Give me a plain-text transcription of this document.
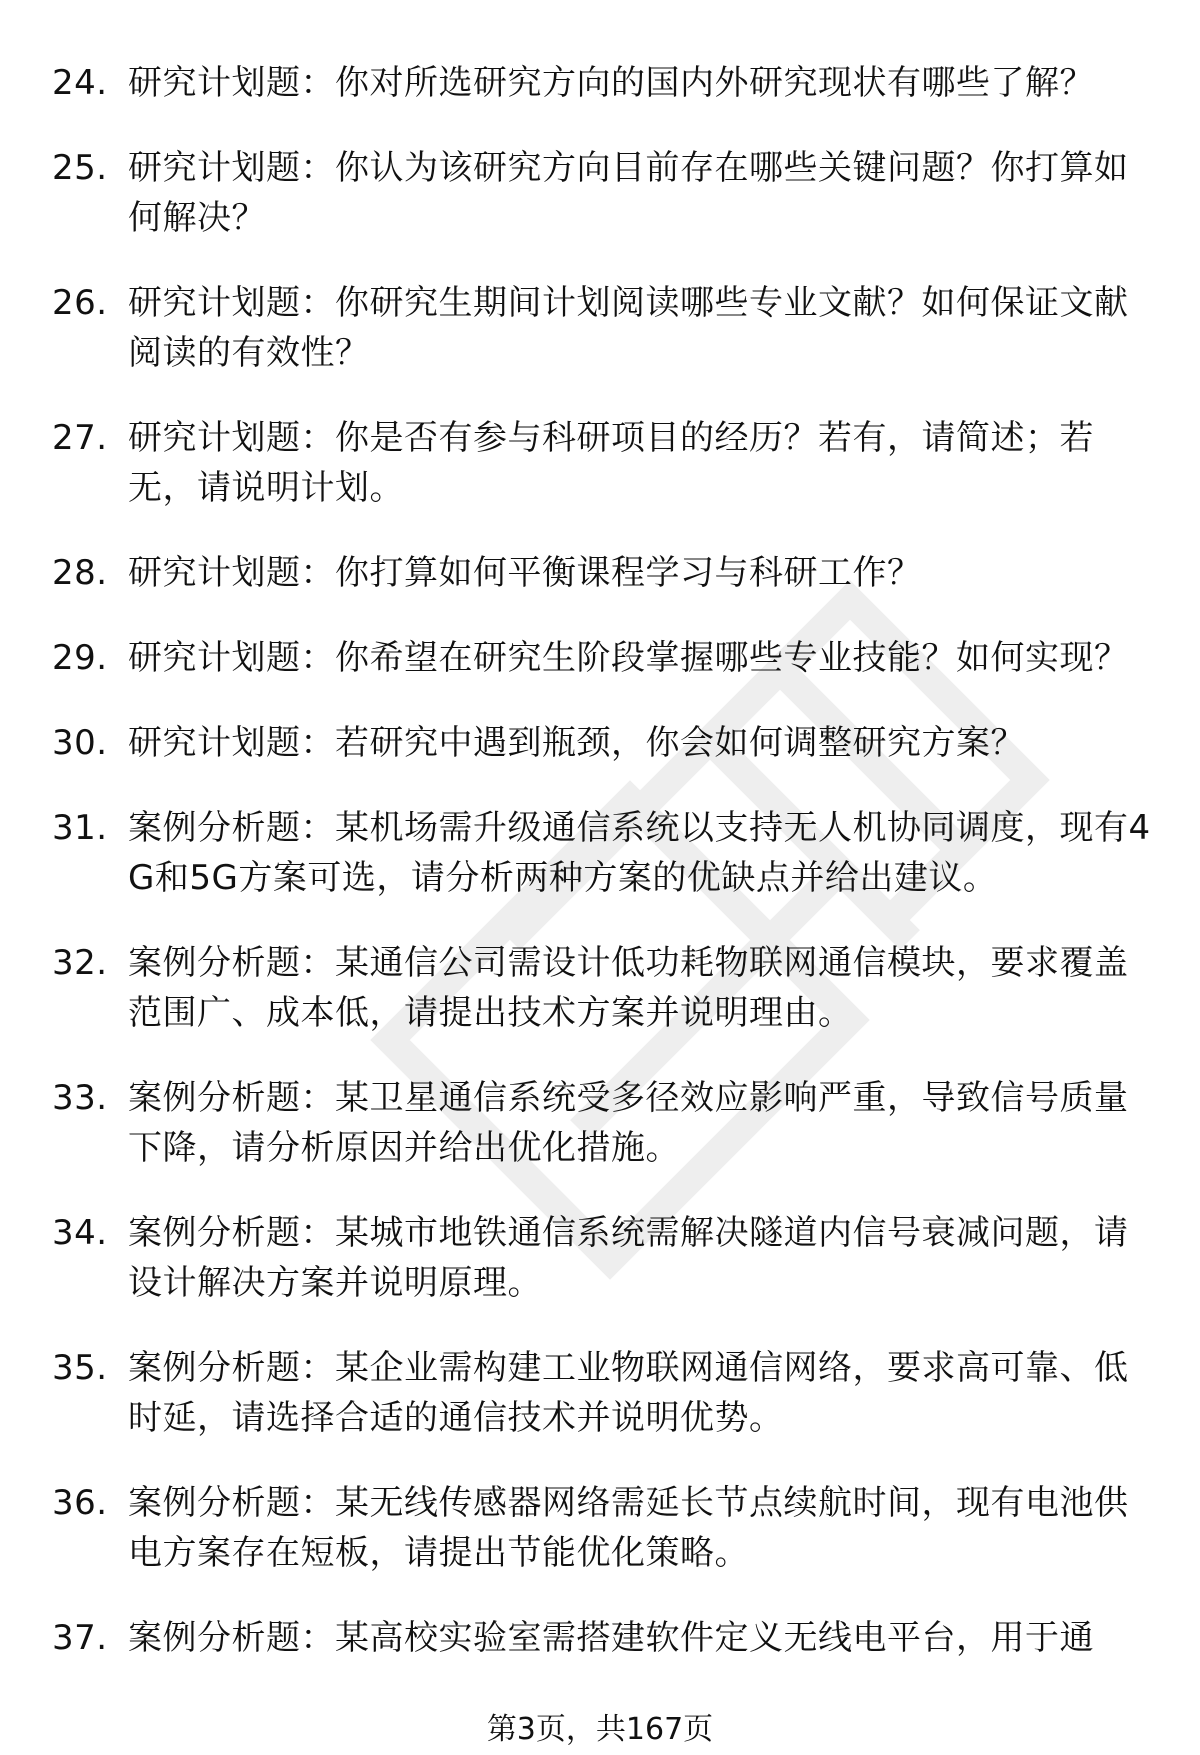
24. 研究计划题：你对所选研究方向的国内外研究现状有哪些了解？
25. 研究计划题：你认为该研究方向目前存在哪些关键问题？你打算如何解决？
26. 研究计划题：你研究生期间计划阅读哪些专业文献？如何保证文献阅读的有效性？
27. 研究计划题：你是否有参与科研项目的经历？若有，请简述；若无，请说明计划。
28. 研究计划题：你打算如何平衡课程学习与科研工作？
29. 研究计划题：你希望在研究生阶段掌握哪些专业技能？如何实现？
30. 研究计划题：若研究中遇到瓶颈，你会如何调整研究方案？
31. 案例分析题：某机场需升级通信系统以支持无人机协同调度，现有4G和5G方案可选，请分析两种方案的优缺点并给出建议。
32. 案例分析题：某通信公司需设计低功耗物联网通信模块，要求覆盖范围广、成本低，请提出技术方案并说明理由。
33. 案例分析题：某卫星通信系统受多径效应影响严重，导致信号质量下降，请分析原因并给出优化措施。
34. 案例分析题：某城市地铁通信系统需解决隧道内信号衰减问题，请设计解决方案并说明原理。
35. 案例分析题：某企业需构建工业物联网通信网络，要求高可靠、低时延，请选择合适的通信技术并说明优势。
36. 案例分析题：某无线传感器网络需延长节点续航时间，现有电池供电方案存在短板，请提出节能优化策略。
37. 案例分析题：某高校实验室需搭建软件定义无线电平台，用于通
第3页，共167页
